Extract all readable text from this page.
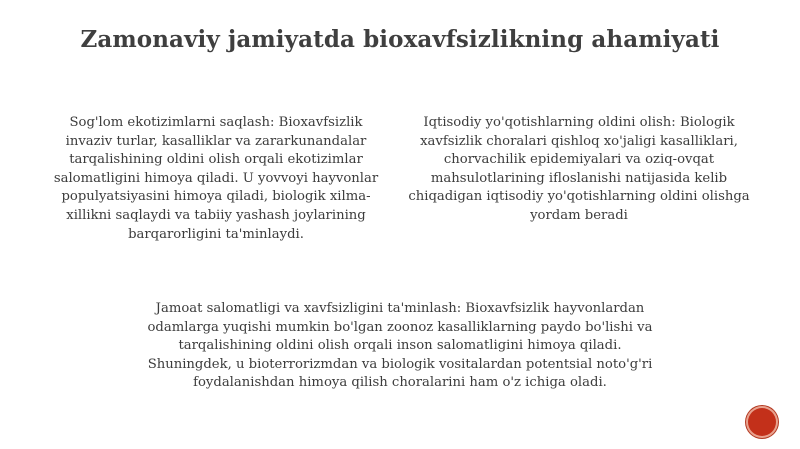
Zamonaviy jamiyatda bioxavfsizlikning ahamiyati
Sog'lom ekotizimlarni saqlash: Bioxavfsizlik invaziv turlar, kasalliklar va zararkunandalar tarqalishining oldini olish orqali ekotizimlar salomatligini himoya qiladi. U yovvoyi hayvonlar populyatsiyasini himoya qiladi, biologik xilma-xillikni saqlaydi va tabiiy yashash joylarining barqarorligini ta'minlaydi.
Iqtisodiy yo'qotishlarning oldini olish: Biologik xavfsizlik choralari qishloq xo'jaligi kasalliklari, chorvachilik epidemiyalari va oziq-ovqat mahsulotlarining ifloslanishi natijasida kelib chiqadigan iqtisodiy yo'qotishlarning oldini olishga yordam beradi
Jamoat salomatligi va xavfsizligini ta'minlash: Bioxavfsizlik hayvonlardan odamlarga yuqishi mumkin bo'lgan zoonoz kasalliklarning paydo bo'lishi va tarqalishining oldini olish orqali inson salomatligini himoya qiladi. Shuningdek, u bioterrorizmdan va biologik vositalardan potentsial noto'g'ri foydalanishdan himoya qilish choralarini ham o'z ichiga oladi.
